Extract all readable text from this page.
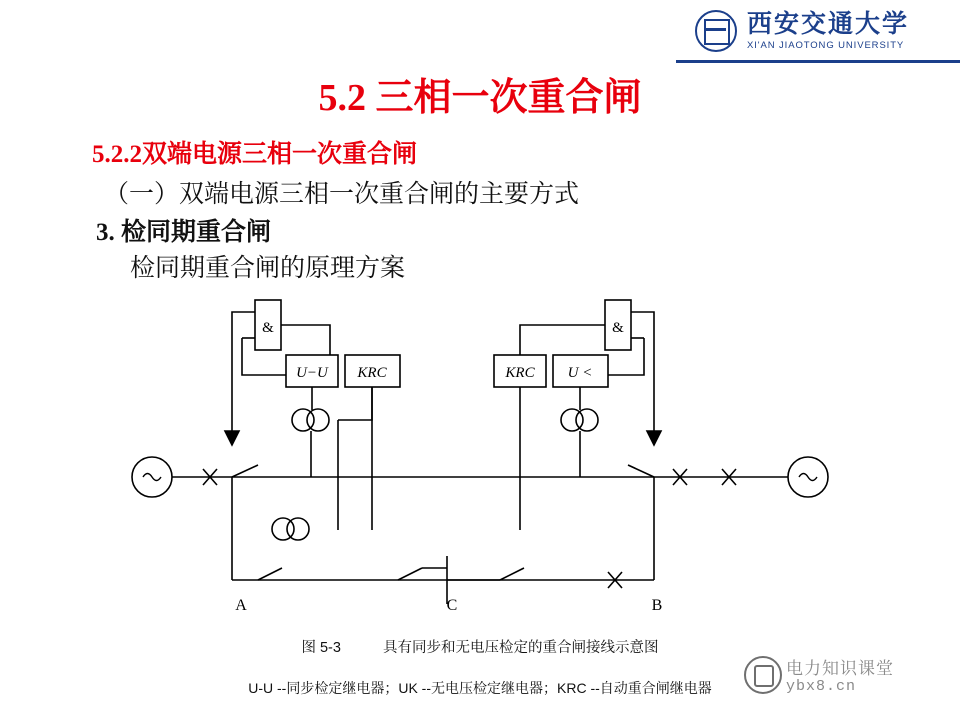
西安交通大学
XI'AN JIAOTONG UNIVERSITY
5.2 三相一次重合闸
5.2.2双端电源三相一次重合闸
（一）双端电源三相一次重合闸的主要方式
3. 检同期重合闸
检同期重合闸的原理方案
&	&
U−U KRC	KRC U <
A	C	B
图 5-3	具有同步和无电压检定的重合闸接线示意图
U-U --同步检定继电器；UK --无电压检定继电器；KRC --自动重合闸继电器
电力知识课堂
ybx8.cn
